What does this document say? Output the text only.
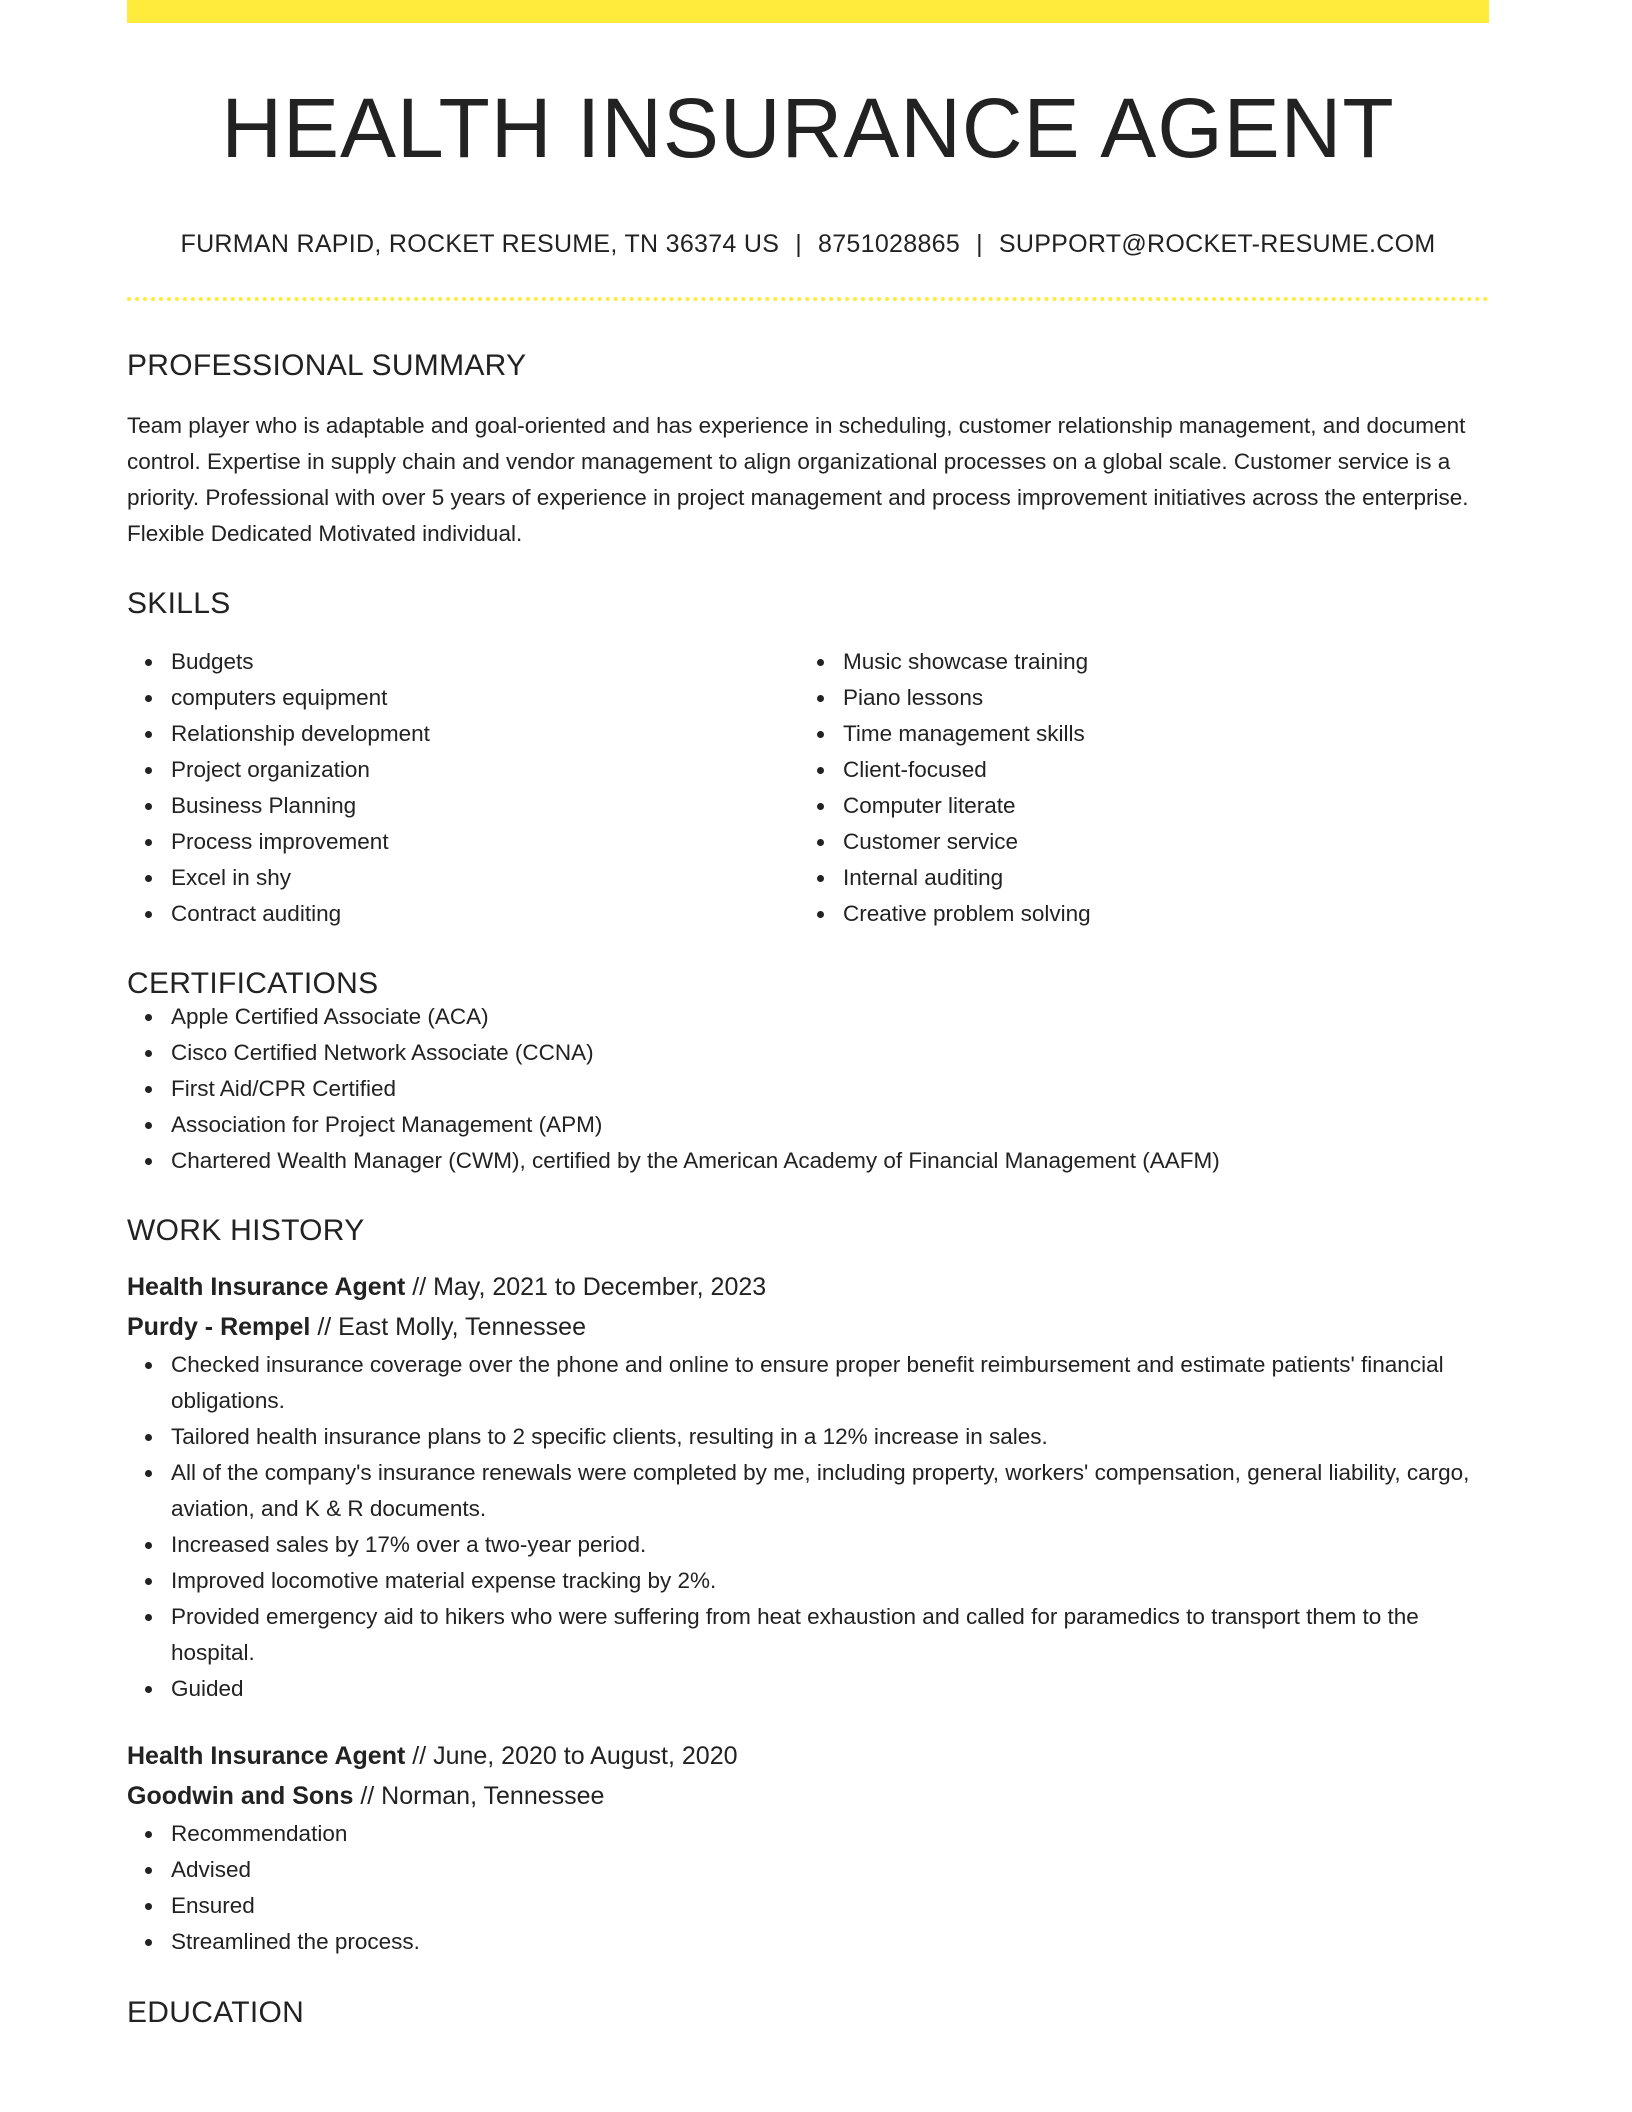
HEALTH INSURANCE AGENT
FURMAN RAPID, ROCKET RESUME, TN 36374 US | 8751028865 | SUPPORT@ROCKET-RESUME.COM
PROFESSIONAL SUMMARY

Team player who is adaptable and goal-oriented and has experience in scheduling, customer relationship management, and document control. Expertise in supply chain and vendor management to align organizational processes on a global scale. Customer service is a priority. Professional with over 5 years of experience in project management and process improvement initiatives across the enterprise. Flexible Dedicated Motivated individual.

SKILLS
Budgets
computers equipment
Relationship development
Project organization
Business Planning
Process improvement
Excel in shy
Contract auditing
Music showcase training
Piano lessons
Time management skills
Client-focused
Computer literate
Customer service
Internal auditing
Creative problem solving
CERTIFICATIONS
Apple Certified Associate (ACA)
Cisco Certified Network Associate (CCNA)
First Aid/CPR Certified
Association for Project Management (APM)
Chartered Wealth Manager (CWM), certified by the American Academy of Financial Management (AAFM)
WORK HISTORY
Health Insurance Agent // May, 2021 to December, 2023
Purdy - Rempel // East Molly, Tennessee
Checked insurance coverage over the phone and online to ensure proper benefit reimbursement and estimate patients' financial obligations.
Tailored health insurance plans to 2 specific clients, resulting in a 12% increase in sales.
All of the company's insurance renewals were completed by me, including property, workers' compensation, general liability, cargo, aviation, and K & R documents.
Increased sales by 17% over a two-year period.
Improved locomotive material expense tracking by 2%.
Provided emergency aid to hikers who were suffering from heat exhaustion and called for paramedics to transport them to the hospital.
Guided
Health Insurance Agent // June, 2020 to August, 2020
Goodwin and Sons // Norman, Tennessee
Recommendation
Advised
Ensured
Streamlined the process.
EDUCATION
